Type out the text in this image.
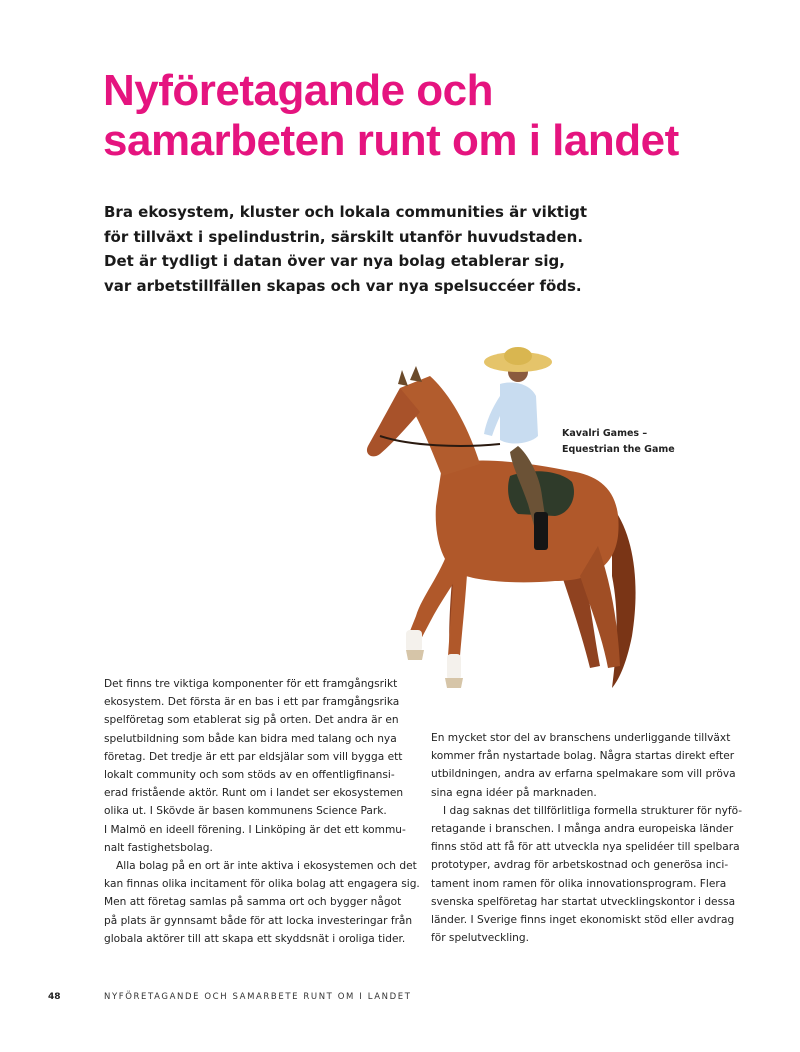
Nyföretagande och
samarbeten runt om i landet

Bra ekosystem, kluster och lokala communities är viktigt
för tillväxt i spelindustrin, särskilt utanför huvudstaden.
Det är tydligt i datan över var nya bolag etablerar sig,
var arbetstillfällen skapas och var nya spelsuccéer föds.

Kavalri Games –
Equestrian the Game
Det finns tre viktiga komponenter för ett framgångsrikt
ekosystem. Det första är en bas i ett par framgångsrika
spelföretag som etablerat sig på orten. Det andra är en
spelutbildning som både kan bidra med talang och nya
företag. Det tredje är ett par eldsjälar som vill bygga ett
lokalt community och som stöds av en offentligfinansi-
erad fristående aktör. Runt om i landet ser ekosystemen
olika ut. I Skövde är basen kommunens Science Park.
I Malmö en ideell förening. I Linköping är det ett kommu-
nalt fastighetsbolag.
Alla bolag på en ort är inte aktiva i ekosystemen och det
kan finnas olika incitament för olika bolag att engagera sig.
Men att företag samlas på samma ort och bygger något
på plats är gynnsamt både för att locka investeringar från
globala aktörer till att skapa ett skyddsnät i oroliga tider.
En mycket stor del av branschens underliggande tillväxt
kommer från nystartade bolag. Några startas direkt efter
utbildningen, andra av erfarna spelmakare som vill pröva
sina egna idéer på marknaden.
I dag saknas det tillförlitliga formella strukturer för nyfö-
retagande i branschen. I många andra europeiska länder
finns stöd att få för att utveckla nya spelidéer till spelbara
prototyper, avdrag för arbetskostnad och generösa inci-
tament inom ramen för olika innovationsprogram. Flera
svenska spelföretag har startat utvecklingskontor i dessa
länder. I Sverige finns inget ekonomiskt stöd eller avdrag
för spelutveckling.
48	NYFÖRETAGANDE OCH SAMARBETE RUNT OM I LANDET
